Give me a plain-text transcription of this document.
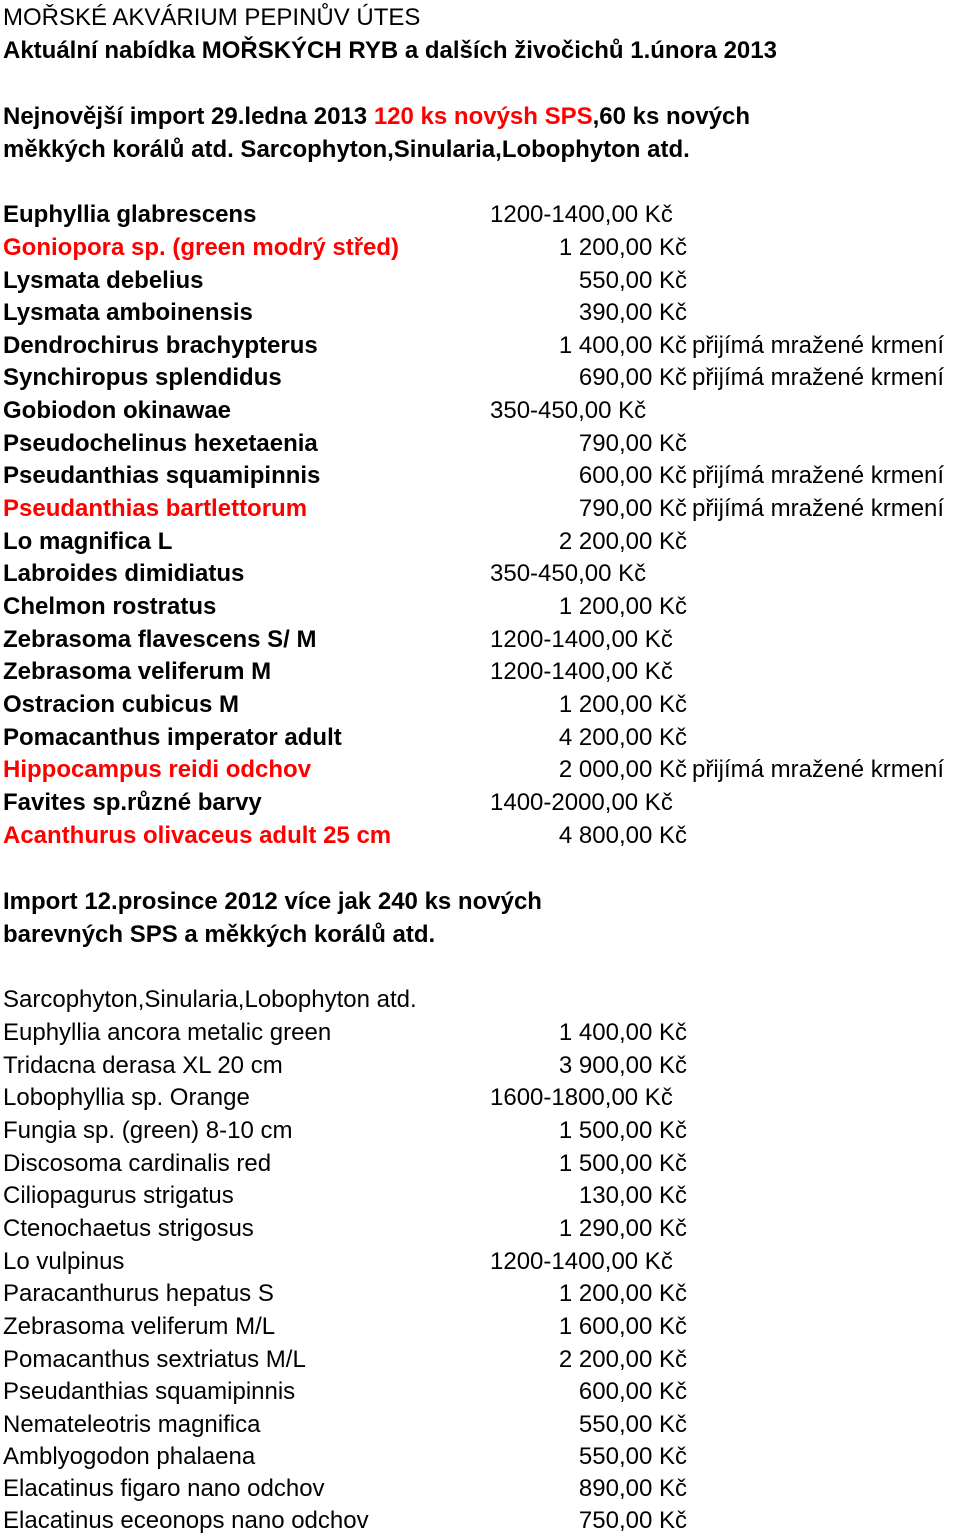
MOŘSKÉ AKVÁRIUM PEPINŮV ÚTES
Aktuální nabídka MOŘSKÝCH RYB a dalších živočichů 1.února 2013
Nejnovější import 29.ledna 2013 120 ks novýsh SPS,60 ks nových
měkkých korálů atd. Sarcophyton,Sinularia,Lobophyton atd.
Euphyllia glabrescens	1200-1400,00 Kč
Goniopora sp. (green modrý střed)	1 200,00 Kč
Lysmata debelius	550,00 Kč
Lysmata amboinensis	390,00 Kč
Dendrochirus brachypterus	1 400,00 Kč přijímá mražené krmení
Synchiropus splendidus	690,00 Kč přijímá mražené krmení
Gobiodon okinawae	350-450,00 Kč
Pseudochelinus hexetaenia	790,00 Kč
Pseudanthias squamipinnis	600,00 Kč přijímá mražené krmení
Pseudanthias bartlettorum	790,00 Kč přijímá mražené krmení
Lo magnifica L	2 200,00 Kč
Labroides dimidiatus	350-450,00 Kč
Chelmon rostratus	1 200,00 Kč
Zebrasoma flavescens S/ M	1200-1400,00 Kč
Zebrasoma veliferum M	1200-1400,00 Kč
Ostracion cubicus M	1 200,00 Kč
Pomacanthus imperator adult	4 200,00 Kč
Hippocampus reidi odchov	2 000,00 Kč přijímá mražené krmení
Favites sp.různé barvy	1400-2000,00 Kč
Acanthurus olivaceus adult 25 cm	4 800,00 Kč
Import 12.prosince 2012 více jak 240 ks nových
barevných SPS a měkkých korálů atd.
Sarcophyton,Sinularia,Lobophyton atd.
Euphyllia ancora metalic green	1 400,00 Kč
Tridacna derasa XL 20 cm	3 900,00 Kč
Lobophyllia sp. Orange	1600-1800,00 Kč
Fungia sp. (green) 8-10 cm	1 500,00 Kč
Discosoma cardinalis red	1 500,00 Kč
Ciliopagurus strigatus	130,00 Kč
Ctenochaetus strigosus	1 290,00 Kč
Lo vulpinus	1200-1400,00 Kč
Paracanthurus hepatus S	1 200,00 Kč
Zebrasoma veliferum M/L	1 600,00 Kč
Pomacanthus sextriatus M/L	2 200,00 Kč
Pseudanthias squamipinnis	600,00 Kč
Nemateleotris magnifica	550,00 Kč
Amblyogodon phalaena	550,00 Kč
Elacatinus figaro nano odchov	890,00 Kč
Elacatinus eceonops nano odchov	750,00 Kč
